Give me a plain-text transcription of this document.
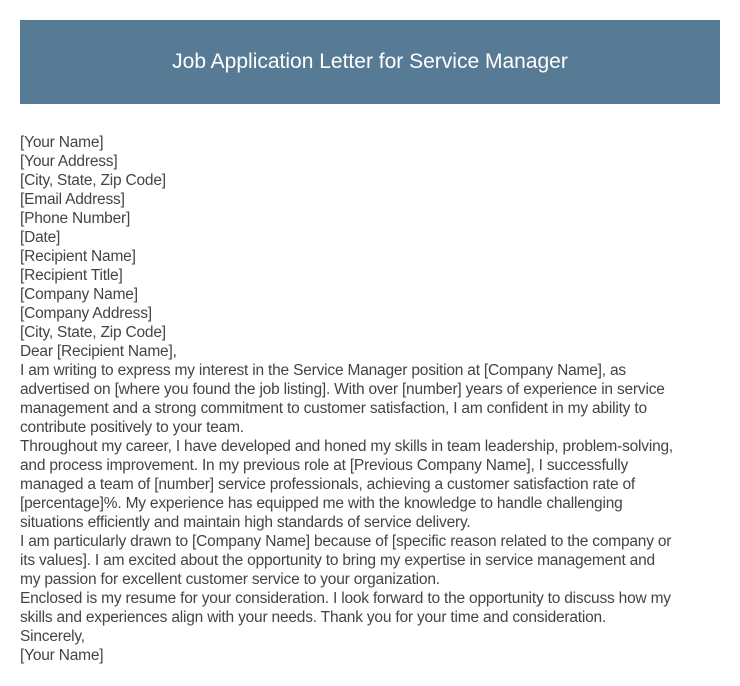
Job Application Letter for Service Manager
[Your Name]
[Your Address]
[City, State, Zip Code]
[Email Address]
[Phone Number]
[Date]
[Recipient Name]
[Recipient Title]
[Company Name]
[Company Address]
[City, State, Zip Code]
Dear [Recipient Name],
I am writing to express my interest in the Service Manager position at [Company Name], as
advertised on [where you found the job listing]. With over [number] years of experience in service
management and a strong commitment to customer satisfaction, I am confident in my ability to
contribute positively to your team.
Throughout my career, I have developed and honed my skills in team leadership, problem-solving,
and process improvement. In my previous role at [Previous Company Name], I successfully
managed a team of [number] service professionals, achieving a customer satisfaction rate of
[percentage]%. My experience has equipped me with the knowledge to handle challenging
situations efficiently and maintain high standards of service delivery.
I am particularly drawn to [Company Name] because of [specific reason related to the company or
its values]. I am excited about the opportunity to bring my expertise in service management and
my passion for excellent customer service to your organization.
Enclosed is my resume for your consideration. I look forward to the opportunity to discuss how my
skills and experiences align with your needs. Thank you for your time and consideration.
Sincerely,
[Your Name]
